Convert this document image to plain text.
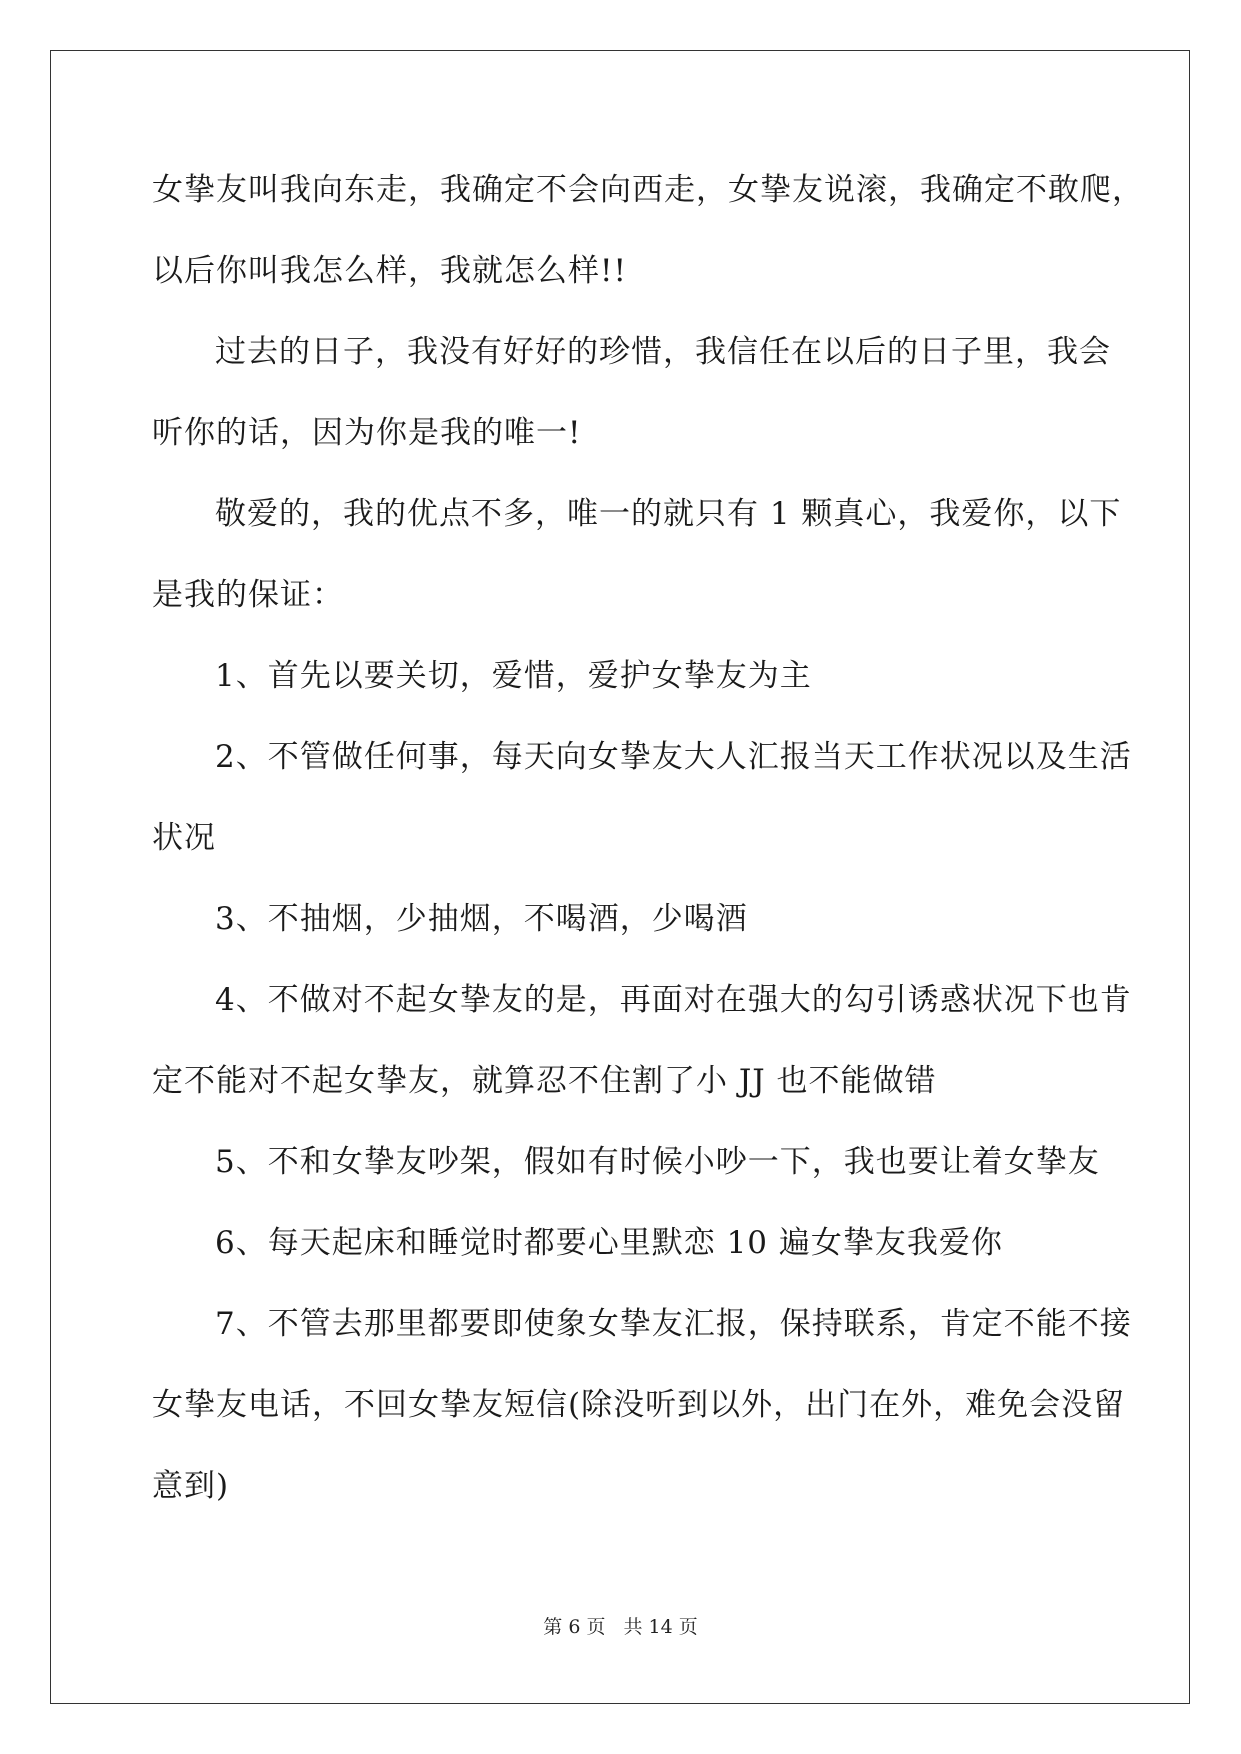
女挚友叫我向东走，我确定不会向西走，女挚友说滚，我确定不敢爬，
以后你叫我怎么样，我就怎么样!!
过去的日子，我没有好好的珍惜，我信任在以后的日子里，我会
听你的话，因为你是我的唯一!
敬爱的，我的优点不多，唯一的就只有 1 颗真心，我爱你，以下
是我的保证：
1、首先以要关切，爱惜，爱护女挚友为主
2、不管做任何事，每天向女挚友大人汇报当天工作状况以及生活
状况
3、不抽烟，少抽烟，不喝酒，少喝酒
4、不做对不起女挚友的是，再面对在强大的勾引诱惑状况下也肯
定不能对不起女挚友，就算忍不住割了小 JJ 也不能做错
5、不和女挚友吵架，假如有时候小吵一下，我也要让着女挚友
6、每天起床和睡觉时都要心里默恋 10 遍女挚友我爱你
7、不管去那里都要即使象女挚友汇报，保持联系，肯定不能不接
女挚友电话，不回女挚友短信(除没听到以外，出门在外，难免会没留
意到)
第 6 页 共 14 页
